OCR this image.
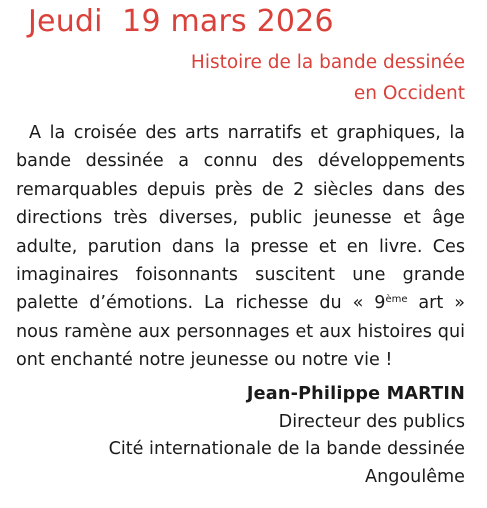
Jeudi  19 mars 2026
Histoire de la bande dessinée
en Occident

A la croisée des arts narratifs et graphiques, la bande dessinée a connu des développements remarquables depuis près de 2 siècles dans des directions très diverses, public jeunesse et âge adulte, parution dans la presse et en livre. Ces imaginaires foisonnants suscitent une grande palette d’émotions. La richesse du « 9ème art » nous ramène aux personnages et aux histoires qui ont enchanté notre jeunesse ou notre vie !

Jean-Philippe MARTIN
Directeur des publics
Cité internationale de la bande dessinée
Angoulême
